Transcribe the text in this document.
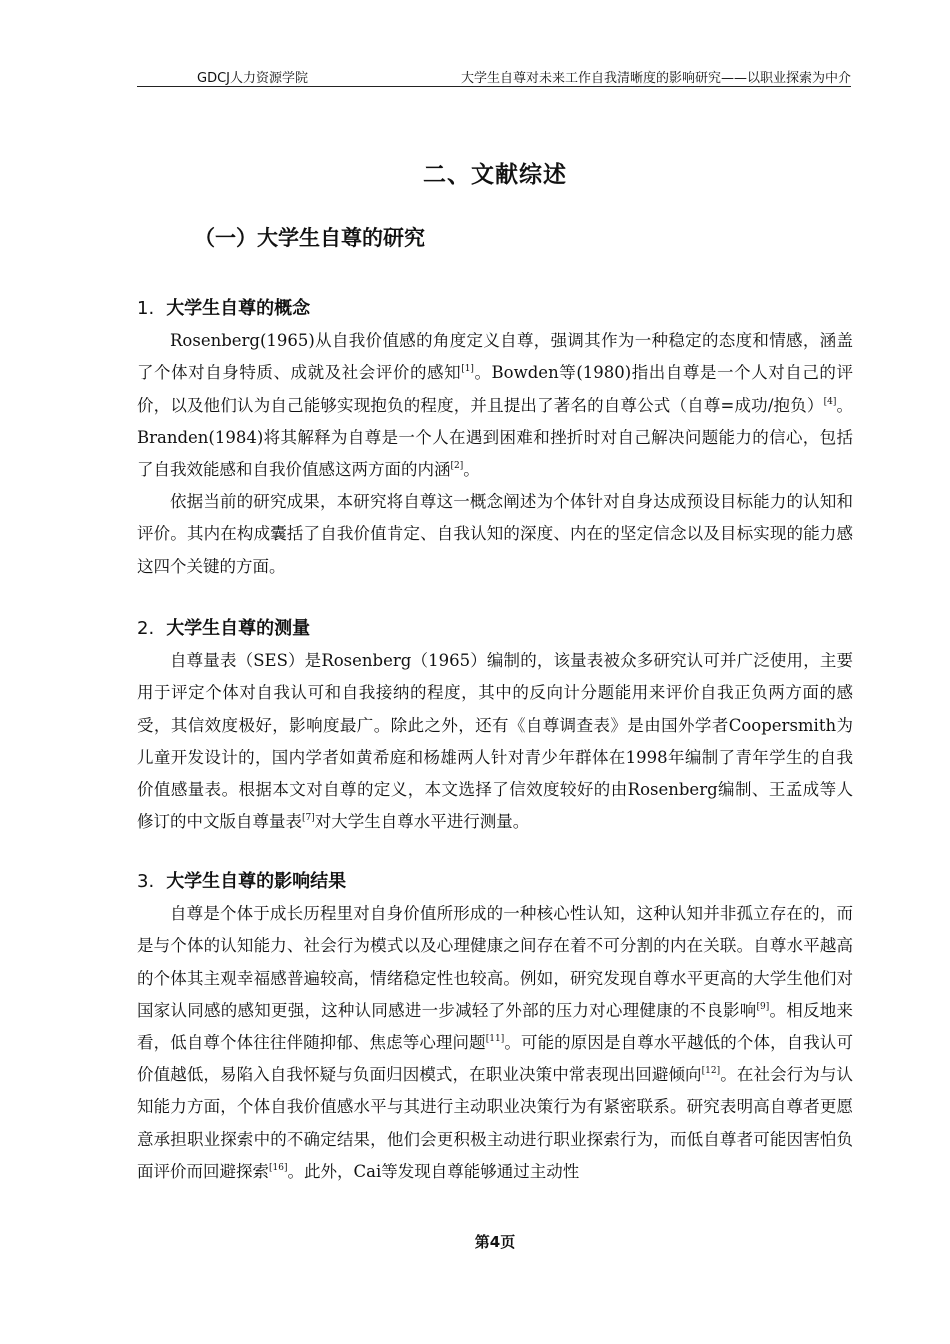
GDCJ人力资源学院	大学生自尊对未来工作自我清晰度的影响研究——以职业探索为中介
二、文献综述
（一）大学生自尊的研究

1. 大学生自尊的概念

Rosenberg(1965)从自我价值感的角度定义自尊，强调其作为一种稳定的态度和情感，涵盖了个体对自身特质、成就及社会评价的感知[1]。Bowden等(1980)指出自尊是一个人对自己的评价，以及他们认为自己能够实现抱负的程度，并且提出了著名的自尊公式（自尊=成功/抱负）[4]。Branden(1984)将其解释为自尊是一个人在遇到困难和挫折时对自己解决问题能力的信心，包括了自我效能感和自我价值感这两方面的内涵[2]。

依据当前的研究成果，本研究将自尊这一概念阐述为个体针对自身达成预设目标能力的认知和评价。其内在构成囊括了自我价值肯定、自我认知的深度、内在的坚定信念以及目标实现的能力感这四个关键的方面。

2. 大学生自尊的测量

自尊量表（SES）是Rosenberg（1965）编制的，该量表被众多研究认可并广泛使用，主要用于评定个体对自我认可和自我接纳的程度，其中的反向计分题能用来评价自我正负两方面的感受，其信效度极好，影响度最广。除此之外，还有《自尊调查表》是由国外学者Coopersmith为儿童开发设计的，国内学者如黄希庭和杨雄两人针对青少年群体在1998年编制了青年学生的自我价值感量表。根据本文对自尊的定义，本文选择了信效度较好的由Rosenberg编制、王孟成等人修订的中文版自尊量表[7]对大学生自尊水平进行测量。

3. 大学生自尊的影响结果

自尊是个体于成长历程里对自身价值所形成的一种核心性认知，这种认知并非孤立存在的，而是与个体的认知能力、社会行为模式以及心理健康之间存在着不可分割的内在关联。自尊水平越高的个体其主观幸福感普遍较高，情绪稳定性也较高。例如，研究发现自尊水平更高的大学生他们对国家认同感的感知更强，这种认同感进一步减轻了外部的压力对心理健康的不良影响[9]。相反地来看，低自尊个体往往伴随抑郁、焦虑等心理问题[11]。可能的原因是自尊水平越低的个体，自我认可价值越低，易陷入自我怀疑与负面归因模式，在职业决策中常表现出回避倾向[12]。在社会行为与认知能力方面，个体自我价值感水平与其进行主动职业决策行为有紧密联系。研究表明高自尊者更愿意承担职业探索中的不确定结果，他们会更积极主动进行职业探索行为，而低自尊者可能因害怕负面评价而回避探索[16]。此外，Cai等发现自尊能够通过主动性

第4页
